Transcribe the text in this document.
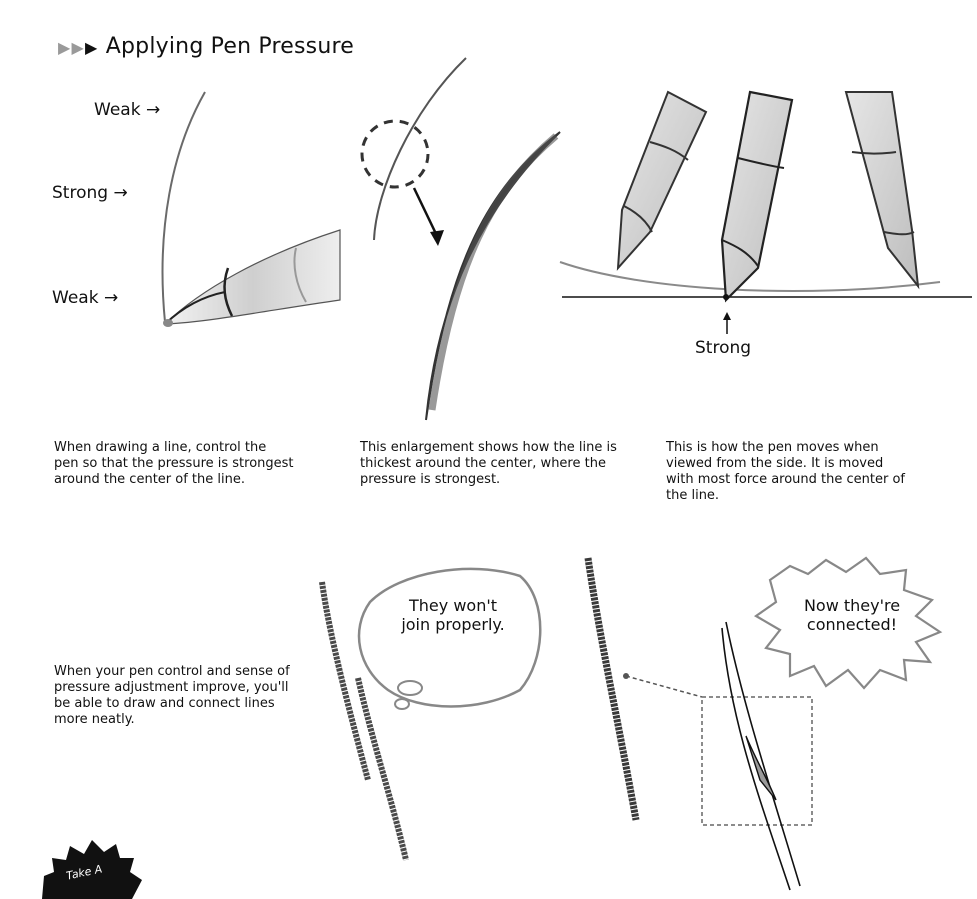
▶▶▶ Applying Pen Pressure
Weak →
Strong →
Weak →
Strong
When drawing a line, control the pen so that the pressure is strongest around the center of the line.
This enlargement shows how the line is thickest around the center, where the pressure is strongest.
This is how the pen moves when viewed from the side. It is moved with most force around the center of the line.
When your pen control and sense of pressure adjustment improve, you'll be able to draw and connect lines more neatly.
They won't join properly.
Now they're connected!
Take A
